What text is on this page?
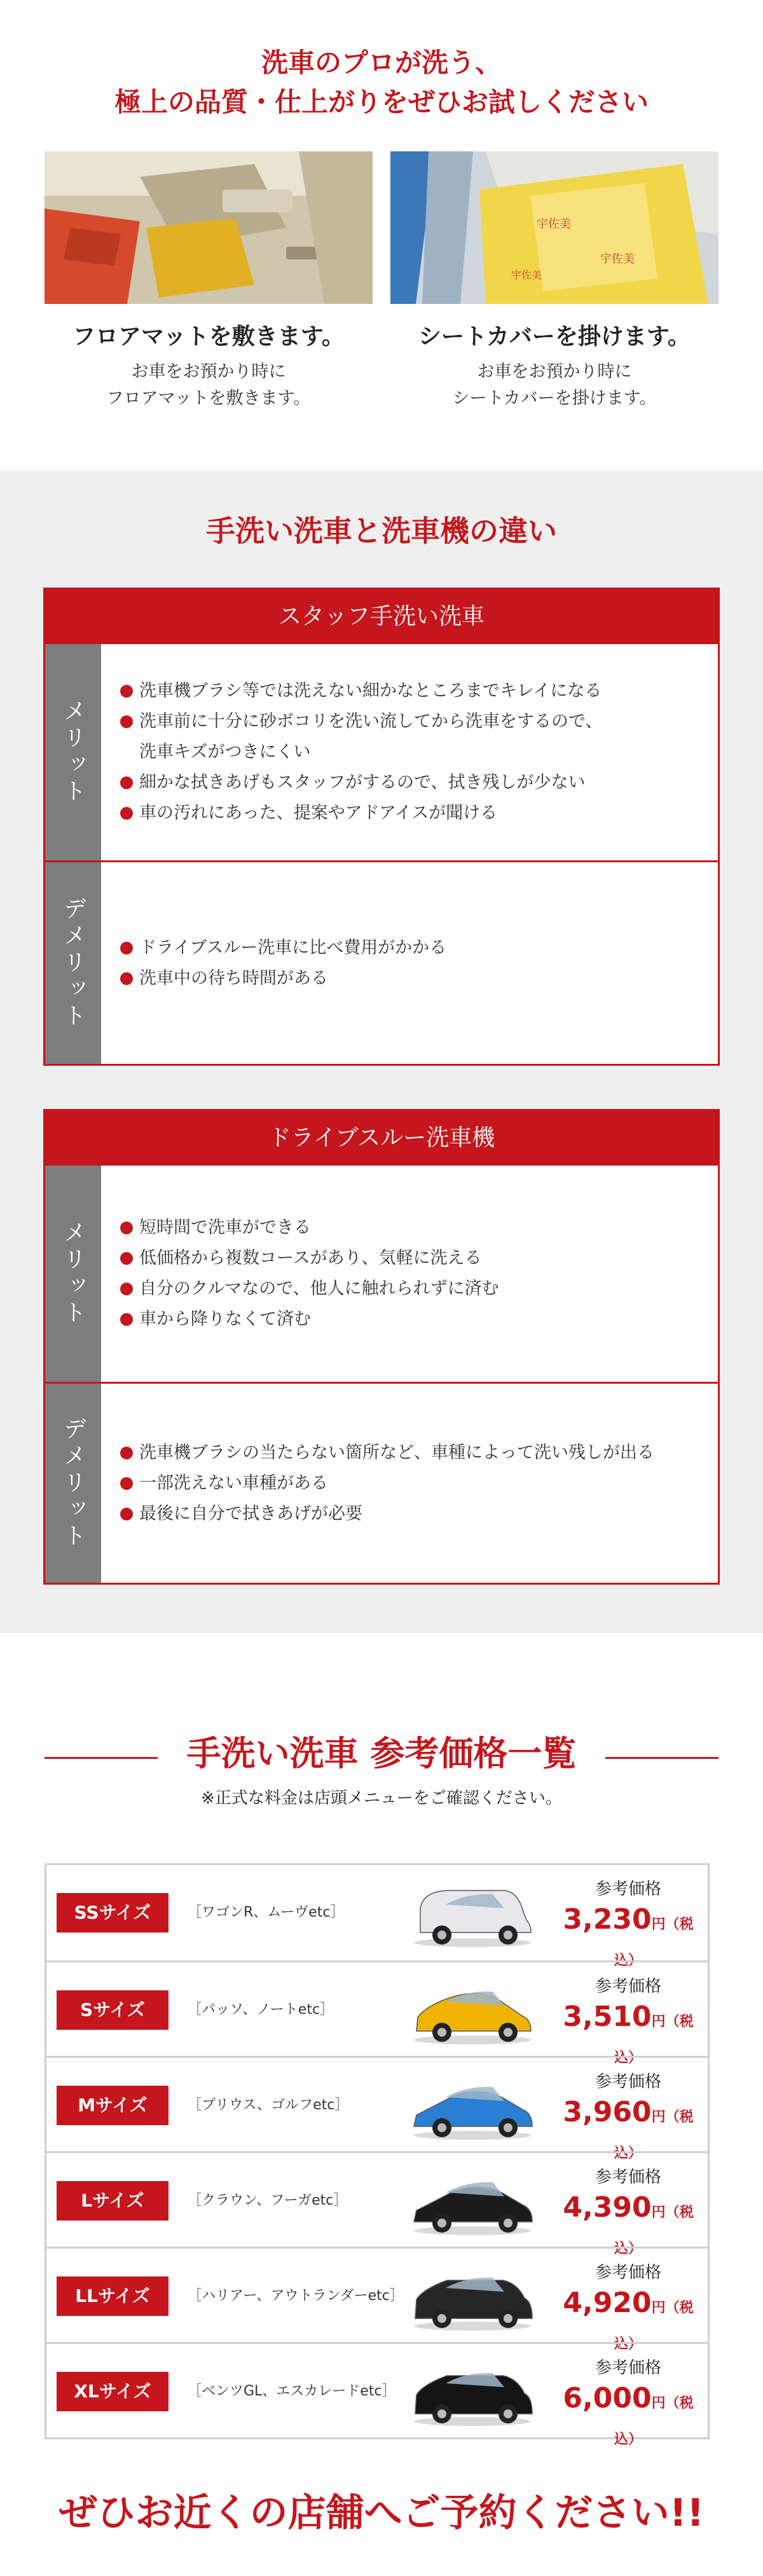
洗車のプロが洗う、
極上の品質・仕上がりをぜひお試しください
宇佐美
宇佐美
宇佐美
フロアマットを敷きます。

お車をお預かり時に
フロアマットを敷きます。

シートカバーを掛けます。

お車をお預かり時に
シートカバーを掛けます。

手洗い洗車と洗車機の違い
スタッフ手洗い洗車
メリット
洗車機ブラシ等では洗えない細かなところまでキレイになる
洗車前に十分に砂ボコリを洗い流してから洗車をするので、
洗車キズがつきにくい
細かな拭きあげもスタッフがするので、拭き残しが少ない
車の汚れにあった、提案やアドアイスが聞ける
デメリット	ドライブスルー洗車に比べ費用がかかる
洗車中の待ち時間がある
ドライブスルー洗車機
メリット	短時間で洗車ができる
低価格から複数コースがあり、気軽に洗える
自分のクルマなので、他人に触れられずに済む
車から降りなくて済む
デメリット	洗車機ブラシの当たらない箇所など、車種によって洗い残しが出る
一部洗えない車種がある
最後に自分で拭きあげが必要
手洗い洗車 参考価格一覧
※正式な料金は店頭メニューをご確認ください。
SSサイズ	［ワゴンR、ムーヴetc］
参考価格
3,230円（税込）
Sサイズ	［パッソ、ノートetc］
参考価格
3,510円（税込）
Mサイズ	［プリウス、ゴルフetc］
参考価格
3,960円（税込）
Lサイズ	［クラウン、フーガetc］
参考価格
4,390円（税込）
LLサイズ	［ハリアー、アウトランダーetc］
参考価格
4,920円（税込）
XLサイズ	［ベンツGL、エスカレードetc］
参考価格
6,000円（税込）
ぜひお近くの店舗へご予約ください!!
